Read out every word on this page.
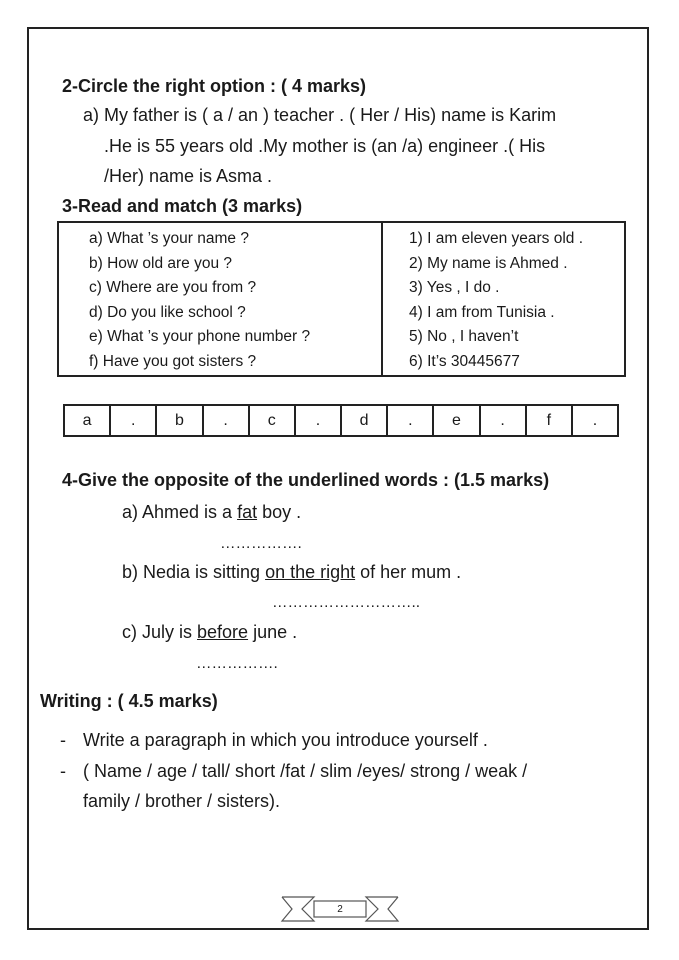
2-Circle the right option : ( 4 marks)
a) My father is ( a / an ) teacher . ( Her / His) name is Karim
.He is 55 years old .My mother is (an /a) engineer .( His
/Her) name is Asma .
3-Read and match (3 marks)
a) What ’s your name ?
b) How old are you ?
c) Where are you from ?
d) Do you like school ?
e) What ’s your phone number ?
f) Have you got sisters ?

1) I am eleven years old .
2) My name is Ahmed .
3) Yes , I do .
4) I am from Tunisia .
5) No , I haven’t
6) It’s 30445677
a	.	b	.	c	.	d	.	e	.	f	.
4-Give the opposite of the underlined words : (1.5 marks)
a) Ahmed is a fat boy .
…………….
b) Nedia is sitting on the right of her mum .
………………………..
c) July is before june .
…………….
Writing : ( 4.5 marks)
- Write a paragraph in which you introduce yourself .
- ( Name / age / tall/ short /fat / slim /eyes/ strong / weak /
family / brother / sisters).
2
